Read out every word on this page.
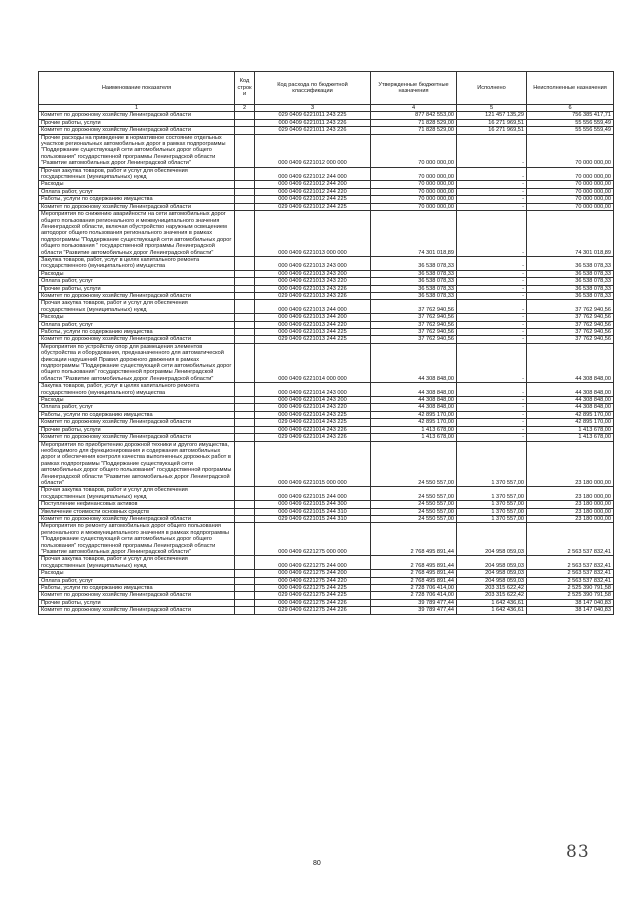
Наименование показателя	Код строк и	Код расхода по бюджетной классификации	Утвержденные бюджетные назначения	Исполнено	Неисполненные назначения
1	2	3	4	5	6
Комитет по дорожному хозяйству Ленинградской области		029 0409 6221011 243 225	877 842 553,00	121 457 135,29	756 385 417,71
Прочие работы, услуги		000 0409 6221011 243 226	71 828 529,00	16 271 969,51	55 556 559,49
Комитет по дорожному хозяйству Ленинградской области		029 0409 6221011 243 226	71 828 529,00	16 271 969,51	55 556 559,49
Прочие расходы на приведение в нормативное состояние отдельных участков региональных автомобильных дорог в рамках подпрограммы "Поддержание существующей сети автомобильных дорог общего пользования" государственной программы Ленинградской области "Развитие автомобильных дорог Ленинградской области"		000 0409 6221012 000 000	70 000 000,00	-	70 000 000,00
Прочая закупка товаров, работ и услуг для обеспечения государственных (муниципальных) нужд		000 0409 6221012 244 000	70 000 000,00	-	70 000 000,00
Расходы		000 0409 6221012 244 200	70 000 000,00	-	70 000 000,00
Оплата работ, услуг		000 0409 6221012 244 220	70 000 000,00	-	70 000 000,00
Работы, услуги по содержанию имущества		000 0409 6221012 244 225	70 000 000,00	-	70 000 000,00
Комитет по дорожному хозяйству Ленинградской области		029 0409 6221012 244 225	70 000 000,00	-	70 000 000,00
Мероприятия по снижению аварийности на сети автомобильных дорог общего пользования регионального и межмуниципального значения Ленинградской области, включая обустройство наружным освещением автодорог общего пользования регионального значения в рамках подпрограммы "Поддержание существующей сети автомобильных дорог общего пользования " государственной программы Ленинградской области "Развитие автомобильных дорог Ленинградской области"		000 0409 6221013 000 000	74 301 018,89	-	74 301 018,89
Закупка товаров, работ, услуг в целях капитального ремонта государственного (муниципального) имущества		000 0409 6221013 243 000	36 538 078,33	-	36 538 078,33
Расходы		000 0409 6221013 243 200	36 538 078,33	-	36 538 078,33
Оплата работ, услуг		000 0409 6221013 243 220	36 538 078,33	-	36 538 078,33
Прочие работы, услуги		000 0409 6221013 243 226	36 538 078,33	-	36 538 078,33
Комитет по дорожному хозяйству Ленинградской области		029 0409 6221013 243 226	36 538 078,33	-	36 538 078,33
Прочая закупка товаров, работ и услуг для обеспечения государственных (муниципальных) нужд		000 0409 6221013 244 000	37 762 940,56	-	37 762 940,56
Расходы		000 0409 6221013 244 200	37 762 940,56	-	37 762 940,56
Оплата работ, услуг		000 0409 6221013 244 220	37 762 940,56	-	37 762 940,56
Работы, услуги по содержанию имущества		000 0409 6221013 244 225	37 762 940,56	-	37 762 940,56
Комитет по дорожному хозяйству Ленинградской области		029 0409 6221013 244 225	37 762 940,56	-	37 762 940,56
Мероприятия по устройству опор для размещения элементов обустройства и оборудования, предназначенного для автоматической фиксации нарушений Правил дорожного движения в рамках подпрограммы "Поддержание существующей сети автомобильных дорог общего пользования" государственной программы Ленинградской области "Развитие автомобильных дорог Ленинградской области"		000 0409 6221014 000 000	44 308 848,00	-	44 308 848,00
Закупка товаров, работ, услуг в целях капитального ремонта государственного (муниципального) имущества		000 0409 6221014 243 000	44 308 848,00	-	44 308 848,00
Расходы		000 0409 6221014 243 200	44 308 848,00	-	44 308 848,00
Оплата работ, услуг		000 0409 6221014 243 220	44 308 848,00	-	44 308 848,00
Работы, услуги по содержанию имущества		000 0409 6221014 243 225	42 895 170,00	-	42 895 170,00
Комитет по дорожному хозяйству Ленинградской области		029 0409 6221014 243 225	42 895 170,00	-	42 895 170,00
Прочие работы, услуги		000 0409 6221014 243 226	1 413 678,00	-	1 413 678,00
Комитет по дорожному хозяйству Ленинградской области		029 0409 6221014 243 226	1 413 678,00	-	1 413 678,00
Мероприятия по приобретению дорожной техники и другого имущества, необходимого для функционирования и содержания автомобильных дорог и обеспечения контроля качества выполненных дорожных работ в рамках подпрограммы "Поддержание существующей сети автомобильных дорог общего пользования" государственной программы Ленинградской области "Развитие автомобильных дорог Ленинградской области"		000 0409 6221015 000 000	24 550 557,00	1 370 557,00	23 180 000,00
Прочая закупка товаров, работ и услуг для обеспечения государственных (муниципальных) нужд		000 0409 6221015 244 000	24 550 557,00	1 370 557,00	23 180 000,00
Поступление нефинансовых активов		000 0409 6221015 244 300	24 550 557,00	1 370 557,00	23 180 000,00
Увеличение стоимости основных средств		000 0409 6221015 244 310	24 550 557,00	1 370 557,00	23 180 000,00
Комитет по дорожному хозяйству Ленинградской области		029 0409 6221015 244 310	24 550 557,00	1 370 557,00	23 180 000,00
Мероприятия по ремонту автомобильных дорог общего пользования регионального и межмуниципального значения в рамках подпрограммы "Поддержание существующей сети автомобильных дорог общего пользования" государственной программы Ленинградской области "Развитие автомобильных дорог Ленинградской области"		000 0409 6221275 000 000	2 768 495 891,44	204 958 059,03	2 563 537 832,41
Прочая закупка товаров, работ и услуг для обеспечения государственных (муниципальных) нужд		000 0409 6221275 244 000	2 768 495 891,44	204 958 059,03	2 563 537 832,41
Расходы		000 0409 6221275 244 200	2 768 495 891,44	204 958 059,03	2 563 537 832,41
Оплата работ, услуг		000 0409 6221275 244 220	2 768 495 891,44	204 958 059,03	2 563 537 832,41
Работы, услуги по содержанию имущества		000 0409 6221275 244 225	2 728 706 414,00	203 315 622,42	2 525 390 791,58
Комитет по дорожному хозяйству Ленинградской области		029 0409 6221275 244 225	2 728 706 414,00	203 315 622,42	2 525 390 791,58
Прочие работы, услуги		000 0409 6221275 244 226	39 789 477,44	1 642 436,61	38 147 040,83
Комитет по дорожному хозяйству Ленинградской области		029 0409 6221275 244 226	39 789 477,44	1 642 436,61	38 147 040,83
80
83
